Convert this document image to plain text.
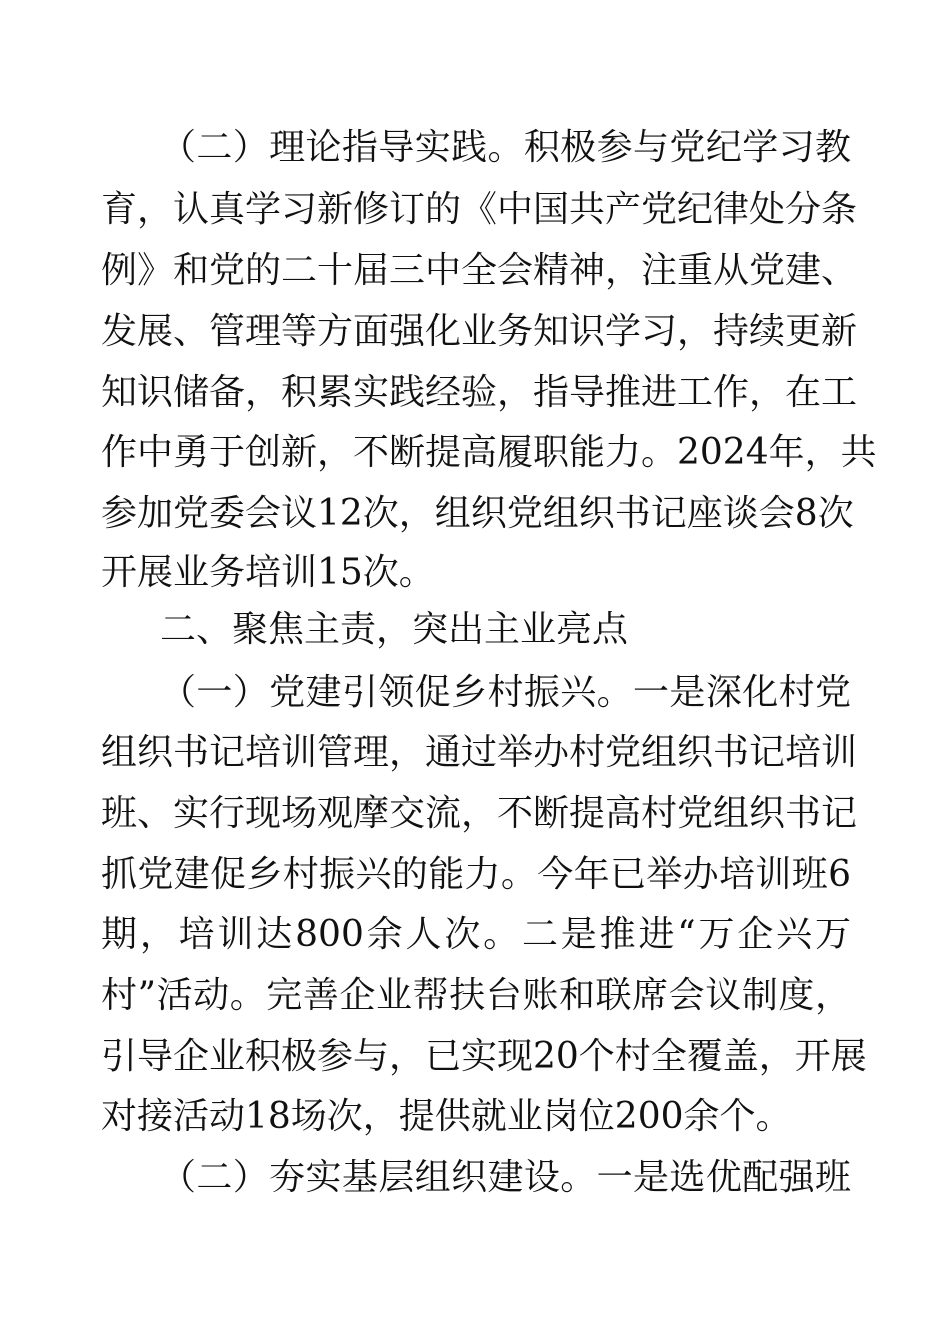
（二）理论指导实践。积极参与党纪学习教
育，认真学习新修订的《中国共产党纪律处分条
例》和党的二十届三中全会精神，注重从党建、
发展、管理等方面强化业务知识学习，持续更新
知识储备，积累实践经验，指导推进工作，在工
作中勇于创新，不断提高履职能力。2024年，共
参加党委会议12次，组织党组织书记座谈会8次
开展业务培训15次。
二、聚焦主责，突出主业亮点
（一）党建引领促乡村振兴。一是深化村党
组织书记培训管理，通过举办村党组织书记培训
班、实行现场观摩交流，不断提高村党组织书记
抓党建促乡村振兴的能力。今年已举办培训班6
期，培训达800余人次。二是推进“万企兴万
村”活动。完善企业帮扶台账和联席会议制度，
引导企业积极参与，已实现20个村全覆盖，开展
对接活动18场次，提供就业岗位200余个。
（二）夯实基层组织建设。一是选优配强班
